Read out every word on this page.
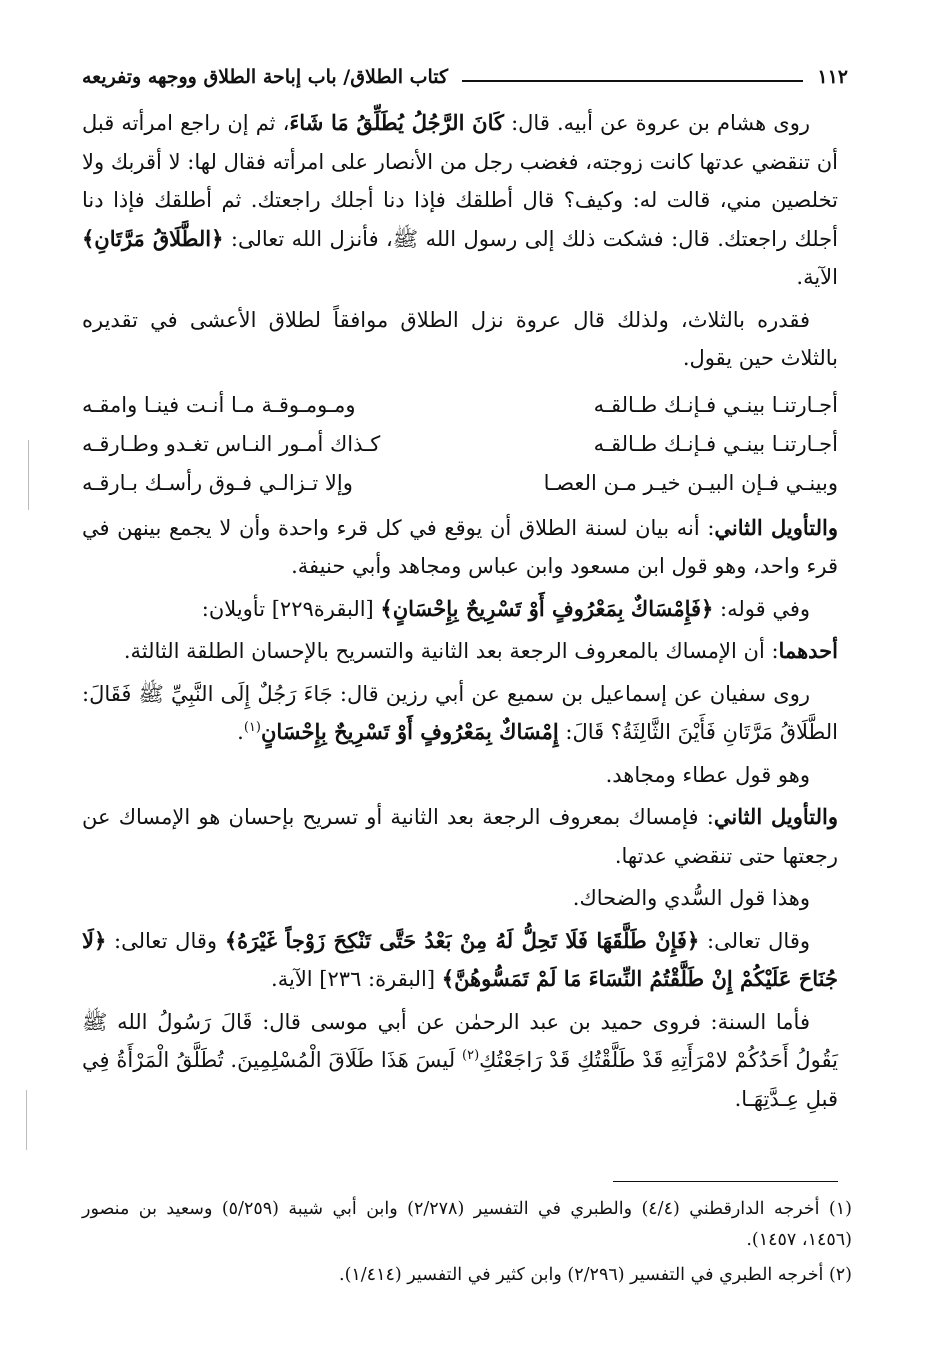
١١٢
كتاب الطلاق/ باب إباحة الطلاق ووجهه وتفريعه

روى هشام بن عروة عن أبيه. قال: كَانَ الرَّجُلُ يُطَلِّقُ مَا شَاءَ، ثم إن راجع امرأته قبل أن تنقضي عدتها كانت زوجته، فغضب رجل من الأنصار على امرأته فقال لها: لا أقربك ولا تخلصين مني، قالت له: وكيف؟ قال أطلقك فإذا دنا أجلك راجعتك. ثم أطلقك فإذا دنا أجلك راجعتك. قال: فشكت ذلك إلى رسول الله ﷺ، فأنزل الله تعالى: ﴿الطَّلَاقُ مَرَّتَانِ﴾ الآية.

فقدره بالثلاث، ولذلك قال عروة نزل الطلاق موافقاً لطلاق الأعشى في تقديره بالثلاث حين يقول.

أجـارتنـا بينـي فـإنـك طـالقـه
ومـومـوقـة مـا أنـت فينـا وامقـه
أجـارتنـا بينـي فـإنـك طـالقـه
كـذاك أمـور النـاس تغـدو وطـارقـه
وبينـي فـإن البيـن خيـر مـن العصـا
وإلا تـزالـي فـوق رأسـك بـارقـه

والتأويل الثاني: أنه بيان لسنة الطلاق أن يوقع في كل قرء واحدة وأن لا يجمع بينهن في قرء واحد، وهو قول ابن مسعود وابن عباس ومجاهد وأبي حنيفة.

وفي قوله: ﴿فَإِمْسَاكٌ بِمَعْرُوفٍ أَوْ تَسْرِيحٌ بِإِحْسَانٍ﴾ [البقرة٢٢٩] تأويلان:

أحدهما: أن الإمساك بالمعروف الرجعة بعد الثانية والتسريح بالإحسان الطلقة الثالثة.

روى سفيان عن إسماعيل بن سميع عن أبي رزين قال: جَاءَ رَجُلٌ إِلَى النَّبِيِّ ﷺ فَقَالَ: الطَّلَاقُ مَرَّتَانِ فَأَيْنَ الثَّالِثَةُ؟ قَالَ: إِمْسَاكٌ بِمَعْرُوفٍ أَوْ تَسْرِيحٌ بِإِحْسَانٍ$^{(١)}$.

وهو قول عطاء ومجاهد.

والتأويل الثاني: فإمساك بمعروف الرجعة بعد الثانية أو تسريح بإحسان هو الإمساك عن رجعتها حتى تنقضي عدتها.

وهذا قول السُّدي والضحاك.

وقال تعالى: ﴿فَإِنْ طَلَّقَهَا فَلَا تَحِلُّ لَهُ مِنْ بَعْدُ حَتَّى تَنْكِحَ زَوْجاً غَيْرَهُ﴾ وقال تعالى: ﴿لَا جُنَاحَ عَلَيْكُمْ إِنْ طَلَّقْتُمُ النِّسَاءَ مَا لَمْ تَمَسُّوهُنَّ﴾ [البقرة: ٢٣٦] الآية.

فأما السنة: فروى حميد بن عبد الرحمٰن عن أبي موسى قال: قَالَ رَسُولُ الله ﷺ يَقُولُ أَحَدُكُمْ لامْرَأَتِهِ قَدْ طَلَّقْتُكِ قَدْ رَاجَعْتُكِ$^{(٢)}$ لَيسَ هَذَا طَلَاقَ الْمُسْلِمِينَ. تُطَلَّقُ الْمَرْأَةُ فِي قبلِ عِـدَّتِهَـا.

(١) أخرجه الدارقطني (٤/٤) والطبري في التفسير (٢/٢٧٨) وابن أبي شيبة (٥/٢٥٩) وسعيد بن منصور (١٤٥٦، ١٤٥٧).

(٢) أخرجه الطبري في التفسير (٢/٢٩٦) وابن كثير في التفسير (١/٤١٤).
